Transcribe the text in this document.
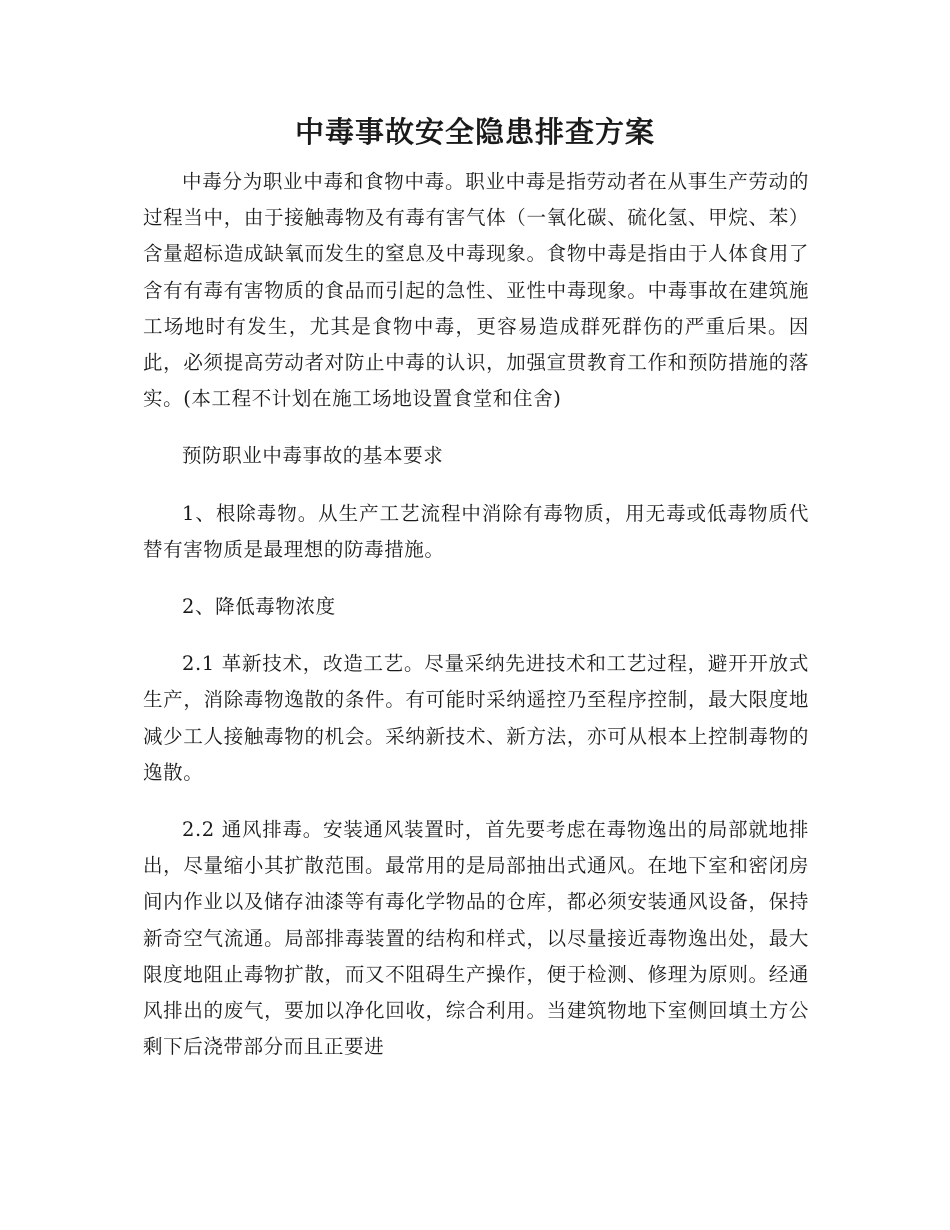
中毒事故安全隐患排查方案

中毒分为职业中毒和食物中毒。职业中毒是指劳动者在从事生产劳动的过程当中，由于接触毒物及有毒有害气体（一氧化碳、硫化氢、甲烷、苯）含量超标造成缺氧而发生的窒息及中毒现象。食物中毒是指由于人体食用了含有有毒有害物质的食品而引起的急性、亚性中毒现象。中毒事故在建筑施工场地时有发生，尤其是食物中毒，更容易造成群死群伤的严重后果。因此，必须提高劳动者对防止中毒的认识，加强宣贯教育工作和预防措施的落实。(本工程不计划在施工场地设置食堂和住舍)

预防职业中毒事故的基本要求

1、根除毒物。从生产工艺流程中消除有毒物质，用无毒或低毒物质代替有害物质是最理想的防毒措施。

2、降低毒物浓度

2.1 革新技术，改造工艺。尽量采纳先进技术和工艺过程，避开开放式生产，消除毒物逸散的条件。有可能时采纳遥控乃至程序控制，最大限度地减少工人接触毒物的机会。采纳新技术、新方法，亦可从根本上控制毒物的逸散。

2.2 通风排毒。安装通风装置时，首先要考虑在毒物逸出的局部就地排出，尽量缩小其扩散范围。最常用的是局部抽出式通风。在地下室和密闭房间内作业以及储存油漆等有毒化学物品的仓库，都必须安装通风设备，保持新奇空气流通。局部排毒装置的结构和样式，以尽量接近毒物逸出处，最大限度地阻止毒物扩散，而又不阻碍生产操作，便于检测、修理为原则。经通风排出的废气，要加以净化回收，综合利用。当建筑物地下室侧回填土方公剩下后浇带部分而且正要进
